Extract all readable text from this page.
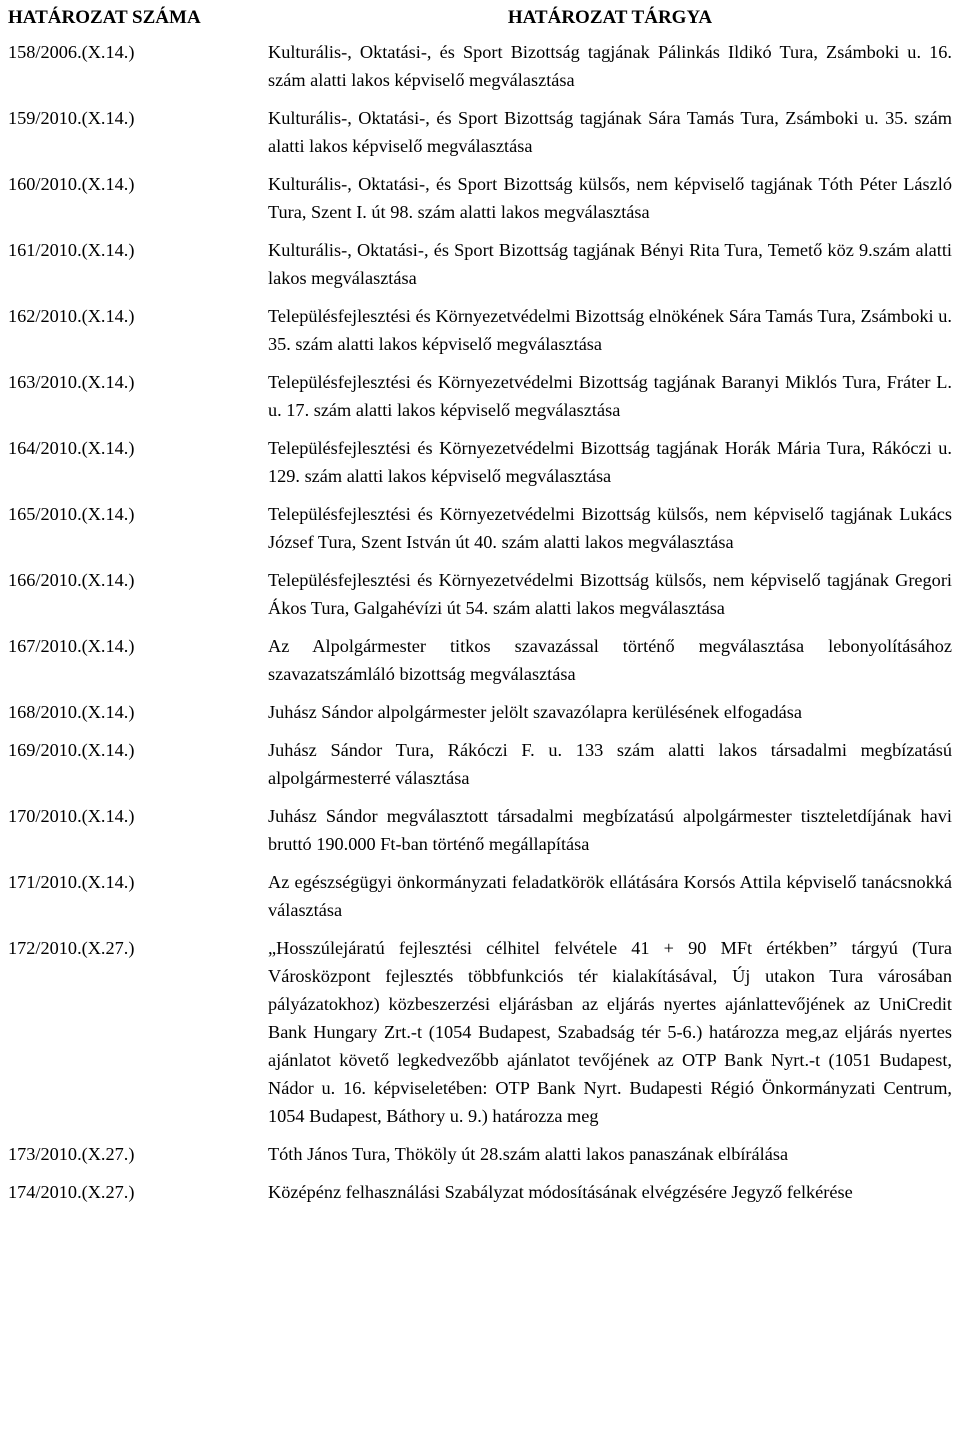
HATÁROZAT SZÁMA	HATÁROZAT TÁRGYA
158/2006.(X.14.)	Kulturális-, Oktatási-, és Sport Bizottság tagjának Pálinkás Ildikó Tura, Zsámboki u. 16. szám alatti lakos képviselő megválasztása
159/2010.(X.14.)	Kulturális-, Oktatási-, és Sport Bizottság tagjának Sára Tamás Tura, Zsámboki u. 35. szám alatti lakos képviselő megválasztása
160/2010.(X.14.)	Kulturális-, Oktatási-, és Sport Bizottság külsős, nem képviselő tagjának Tóth Péter László Tura, Szent I. út 98. szám alatti lakos megválasztása
161/2010.(X.14.)	Kulturális-, Oktatási-, és Sport Bizottság tagjának Bényi Rita Tura, Temető köz 9.szám alatti lakos megválasztása
162/2010.(X.14.)	Településfejlesztési és Környezetvédelmi Bizottság elnökének Sára Tamás Tura, Zsámboki u. 35. szám alatti lakos képviselő megválasztása
163/2010.(X.14.)	Településfejlesztési és Környezetvédelmi Bizottság tagjának Baranyi Miklós Tura, Fráter L. u. 17. szám alatti lakos képviselő megválasztása
164/2010.(X.14.)	Településfejlesztési és Környezetvédelmi Bizottság tagjának Horák Mária Tura, Rákóczi u. 129. szám alatti lakos képviselő megválasztása
165/2010.(X.14.)	Településfejlesztési és Környezetvédelmi Bizottság külsős, nem képviselő tagjának Lukács József Tura, Szent István út 40. szám alatti lakos megválasztása
166/2010.(X.14.)	Településfejlesztési és Környezetvédelmi Bizottság külsős, nem képviselő tagjának Gregori Ákos Tura, Galgahévízi út 54. szám alatti lakos megválasztása
167/2010.(X.14.)	Az Alpolgármester titkos szavazással történő megválasztása lebonyolításához szavazatszámláló bizottság megválasztása
168/2010.(X.14.)	Juhász Sándor alpolgármester jelölt szavazólapra kerülésének elfogadása
169/2010.(X.14.)	Juhász Sándor Tura, Rákóczi F. u. 133 szám alatti lakos társadalmi megbízatású alpolgármesterré választása
170/2010.(X.14.)	Juhász Sándor megválasztott társadalmi megbízatású alpolgármester tiszteletdíjának havi bruttó 190.000 Ft-ban történő megállapítása
171/2010.(X.14.)	Az egészségügyi önkormányzati feladatkörök ellátására Korsós Attila képviselő tanácsnokká választása
172/2010.(X.27.)	„Hosszúlejáratú fejlesztési célhitel felvétele 41 + 90 MFt értékben” tárgyú (Tura Városközpont fejlesztés többfunkciós tér kialakításával, Új utakon Tura városában pályázatokhoz) közbeszerzési eljárásban az eljárás nyertes ajánlattevőjének az UniCredit Bank Hungary Zrt.-t (1054 Budapest, Szabadság tér 5-6.) határozza meg,az eljárás nyertes ajánlatot követő legkedvezőbb ajánlatot tevőjének az OTP Bank Nyrt.-t (1051 Budapest, Nádor u. 16. képviseletében: OTP Bank Nyrt. Budapesti Régió Önkormányzati Centrum, 1054 Budapest, Báthory u. 9.) határozza meg
173/2010.(X.27.)	Tóth János Tura, Thököly út 28.szám alatti lakos panaszának elbírálása
174/2010.(X.27.)	Középénz felhasználási Szabályzat módosításának elvégzésére Jegyző felkérése
